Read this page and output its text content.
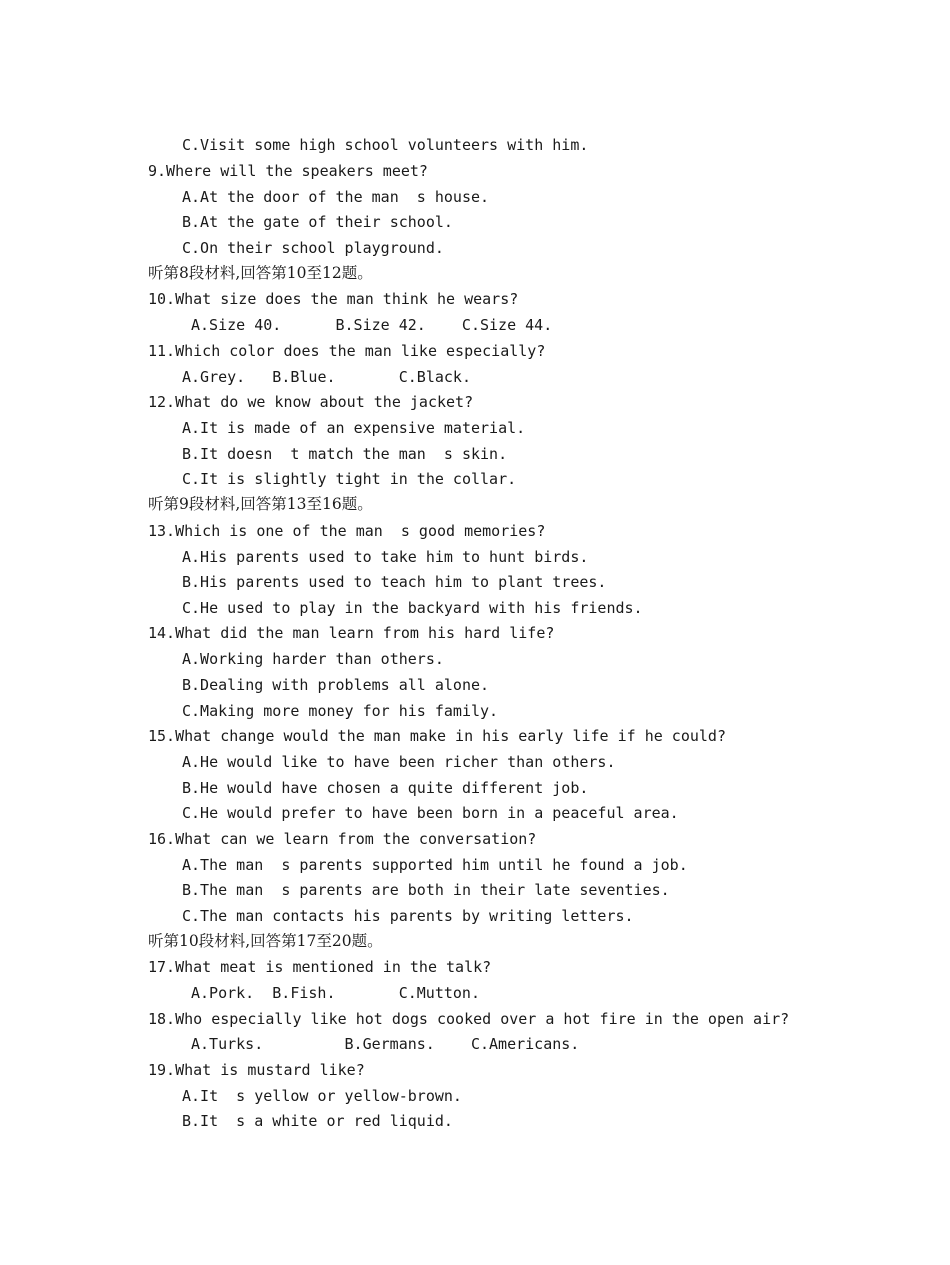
C.Visit some high school volunteers with him.
9.Where will the speakers meet?
A.At the door of the man  s house.
B.At the gate of their school.
C.On their school playground.
听第8段材料,回答第10至12题。
10.What size does the man think he wears?
A.Size 40.      B.Size 42.    C.Size 44.
11.Which color does the man like especially?
A.Grey.   B.Blue.       C.Black.
12.What do we know about the jacket?
A.It is made of an expensive material.
B.It doesn  t match the man  s skin.
C.It is slightly tight in the collar.
听第9段材料,回答第13至16题。
13.Which is one of the man  s good memories?
A.His parents used to take him to hunt birds.
B.His parents used to teach him to plant trees.
C.He used to play in the backyard with his friends.
14.What did the man learn from his hard life?
A.Working harder than others.
B.Dealing with problems all alone.
C.Making more money for his family.
15.What change would the man make in his early life if he could?
A.He would like to have been richer than others.
B.He would have chosen a quite different job.
C.He would prefer to have been born in a peaceful area.
16.What can we learn from the conversation?
A.The man  s parents supported him until he found a job.
B.The man  s parents are both in their late seventies.
C.The man contacts his parents by writing letters.
听第10段材料,回答第17至20题。
17.What meat is mentioned in the talk?
A.Pork.  B.Fish.       C.Mutton.
18.Who especially like hot dogs cooked over a hot fire in the open air?
A.Turks.         B.Germans.    C.Americans.
19.What is mustard like?
A.It  s yellow or yellow-brown.
B.It  s a white or red liquid.
